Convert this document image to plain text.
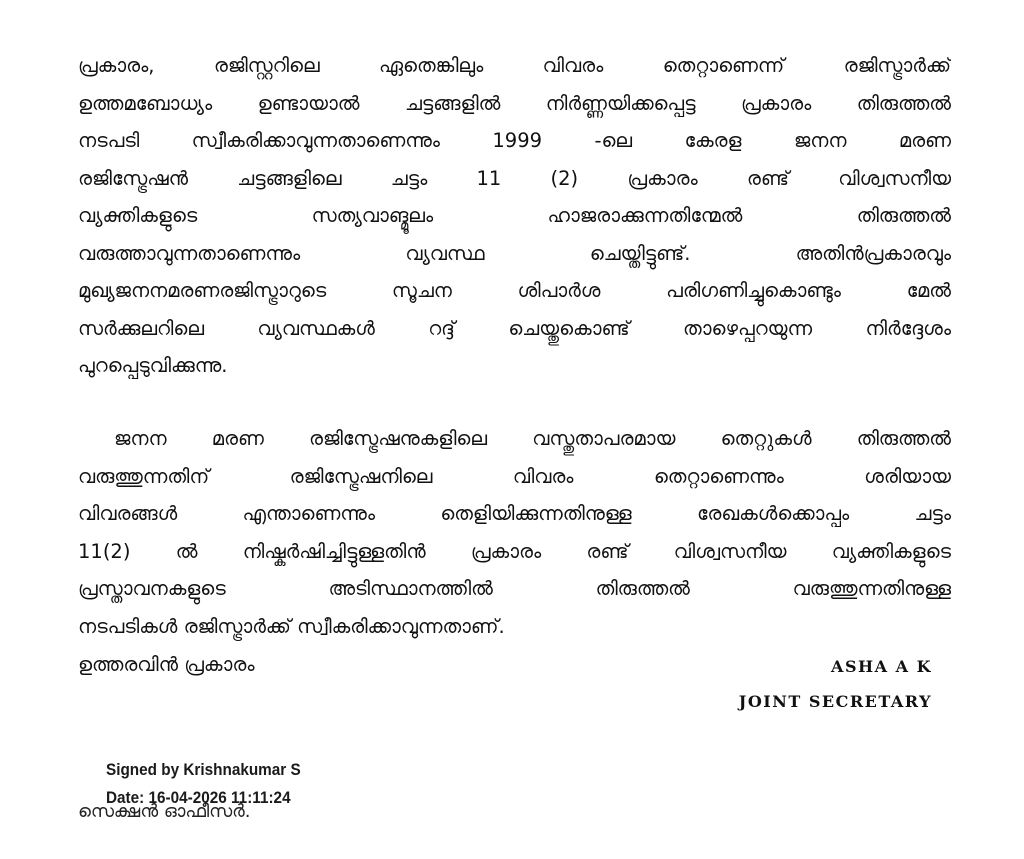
പ്രകാരം, രജിസ്റ്ററിലെ ഏതെങ്കിലും വിവരം തെറ്റാണെന്ന് രജിസ്ട്രാർക്ക്
ഉത്തമബോധ്യം ഉണ്ടായാൽ ചട്ടങ്ങളിൽ നിർണ്ണയിക്കപ്പെട്ട പ്രകാരം തിരുത്തൽ
നടപടി സ്വീകരിക്കാവുന്നതാണെന്നും 1999 -ലെ കേരള ജനന മരണ
രജിസ്ട്രേഷൻ ചട്ടങ്ങളിലെ ചട്ടം 11 (2) പ്രകാരം രണ്ട് വിശ്വസനീയ
വ്യക്തികളുടെ സത്യവാങ്മൂലം ഹാജരാക്കുന്നതിന്മേൽ തിരുത്തൽ
വരുത്താവുന്നതാണെന്നും വ്യവസ്ഥ ചെയ്തിട്ടുണ്ട്. അതിൻപ്രകാരവും
മുഖ്യജനനമരണരജിസ്ട്രാറുടെ സൂചന ശിപാർശ പരിഗണിച്ചുകൊണ്ടും മേൽ
സർക്കുലറിലെ വ്യവസ്ഥകൾ റദ്ദ് ചെയ്തുകൊണ്ട് താഴെപ്പറയുന്ന നിർദ്ദേശം
പുറപ്പെടുവിക്കുന്നു.
ജനന മരണ രജിസ്ട്രേഷനുകളിലെ വസ്തുതാപരമായ തെറ്റുകൾ തിരുത്തൽ
വരുത്തുന്നതിന് രജിസ്ട്രേഷനിലെ വിവരം തെറ്റാണെന്നും ശരിയായ
വിവരങ്ങൾ എന്താണെന്നും തെളിയിക്കുന്നതിനുള്ള രേഖകൾക്കൊപ്പം ചട്ടം
11(2) ൽ നിഷ്കർഷിച്ചിട്ടുള്ളതിൻ പ്രകാരം രണ്ട് വിശ്വസനീയ വ്യക്തികളുടെ
പ്രസ്താവനകളുടെ അടിസ്ഥാനത്തിൽ തിരുത്തൽ വരുത്തുന്നതിനുള്ള
നടപടികൾ രജിസ്ട്രാർക്ക് സ്വീകരിക്കാവുന്നതാണ്.
ഉത്തരവിൻ പ്രകാരം	ASHA A K
JOINT SECRETARY
സെക്ഷൻ ഓഫീസർ.
Signed by Krishnakumar S
Date: 16-04-2026 11:11:24
